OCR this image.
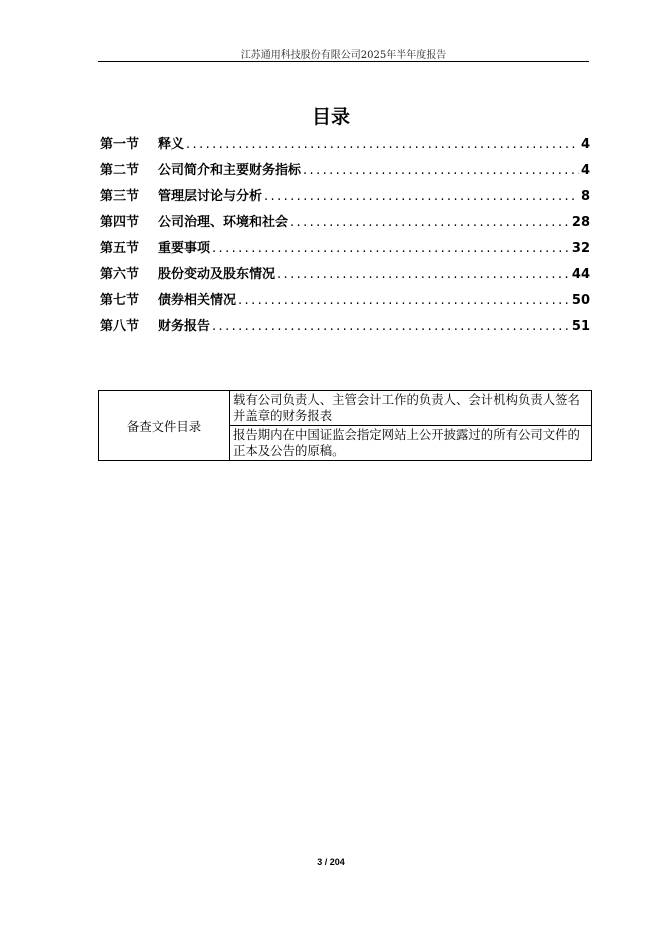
江苏通用科技股份有限公司2025年半年度报告
目录
第一节	释义 .....	4
第二节	公司简介和主要财务指标 .....	4
第三节	管理层讨论与分析 .....	8
第四节	公司治理、环境和社会 .....	28
第五节	重要事项 .....	32
第六节	股份变动及股东情况 .....	44
第七节	债券相关情况 .....	50
第八节	财务报告 .....	51
备查文件目录	载有公司负责人、主管会计工作的负责人、会计机构负责人签名并盖章的财务报表
报告期内在中国证监会指定网站上公开披露过的所有公司文件的正本及公告的原稿。
3 / 204
